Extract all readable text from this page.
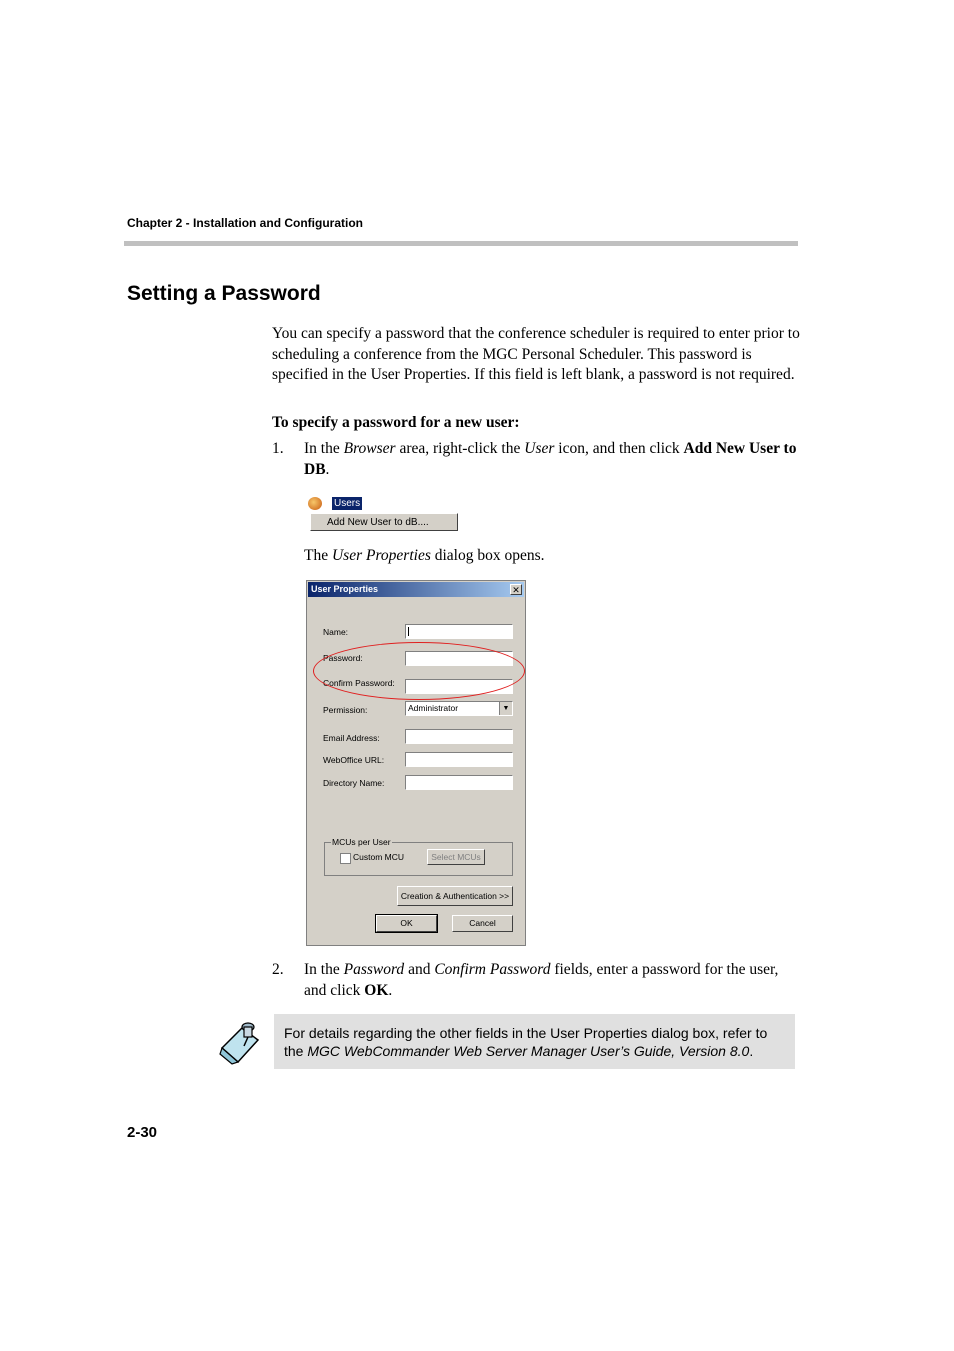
Chapter 2 - Installation and Configuration
Setting a Password
You can specify a password that the conference scheduler is required to enter prior to scheduling a conference from the MGC Personal Scheduler. This password is specified in the User Properties. If this field is left blank, a password is not required.
To specify a password for a new user:
1. In the Browser area, right-click the User icon, and then click Add New User to DB.
Users
Add New User to dB....
The User Properties dialog box opens.
User Properties	✕
Name:
Password:
Confirm Password:
Permission:	Administrator	▼
Email Address:
WebOffice URL:
Directory Name:
MCUs per User
Custom MCU	Select MCUs
Creation & Authentication >>
OK	Cancel
2. In the Password and Confirm Password fields, enter a password for the user, and click OK.
For details regarding the other fields in the User Properties dialog box, refer to the MGC WebCommander Web Server Manager User’s Guide, Version 8.0.
2-30
